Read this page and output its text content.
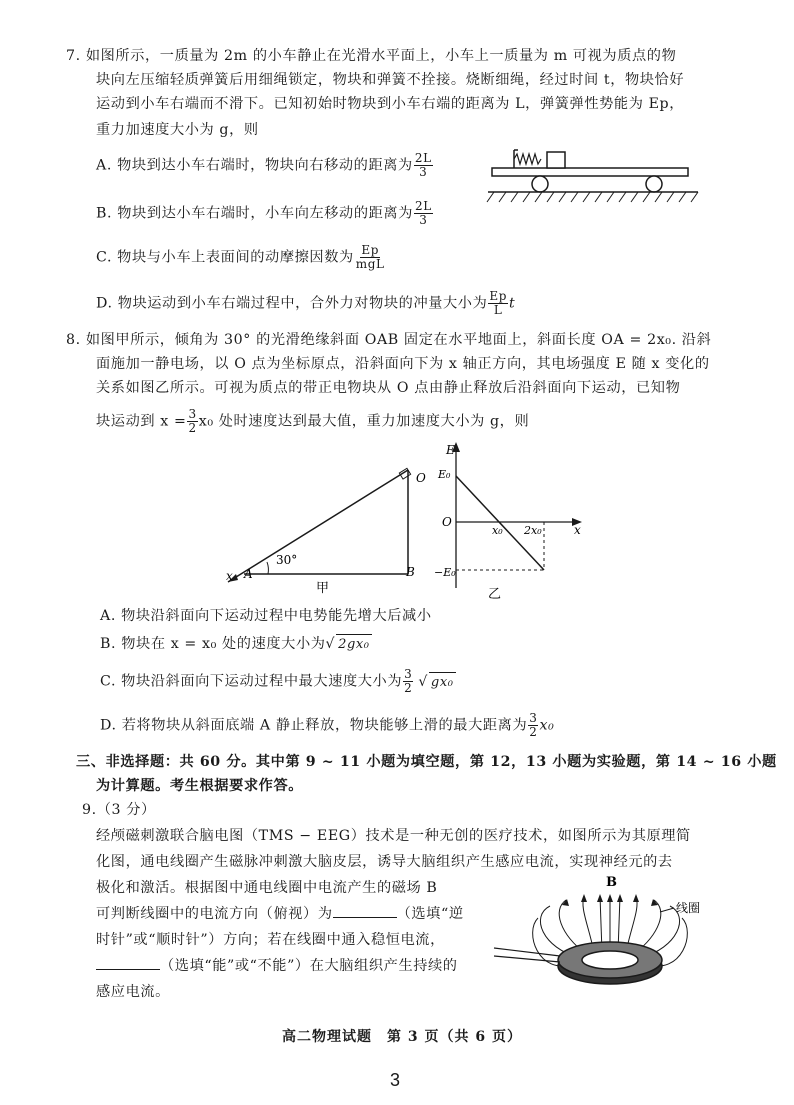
7. 如图所示，一质量为 2m 的小车静止在光滑水平面上，小车上一质量为 m 可视为质点的物
块向左压缩轻质弹簧后用细绳锁定，物块和弹簧不拴接。烧断细绳，经过时间 t，物块恰好
运动到小车右端而不滑下。已知初始时物块到小车右端的距离为 L，弹簧弹性势能为 Ep，
重力加速度大小为 g，则
A. 物块到达小车右端时，物块向右移动的距离为 $\frac{2L}{3}$
B. 物块到达小车右端时，小车向左移动的距离为 $\frac{2L}{3}$
C. 物块与小车上表面间的动摩擦因数为 $\frac{Ep}{\text{mgL}}$
D. 物块运动到小车右端过程中，合外力对物块的冲量大小为 $\frac{Ep}{L}$ t
8. 如图甲所示，倾角为 30° 的光滑绝缘斜面 OAB 固定在水平地面上，斜面长度 OA = 2x₀. 沿斜
面施加一静电场，以 O 点为坐标原点，沿斜面向下为 x 轴正方向，其电场强度 E 随 x 变化的
关系如图乙所示。可视为质点的带正电物块从 O 点由静止释放后沿斜面向下运动，已知物
块运动到 $x = \frac{3}{2} x_0$ 处时速度达到最大值，重力加速度大小为 g，则
30°
O
A	B
x
甲
E
E₀
−E₀
O
x₀ 2x₀	x
乙
A. 物块沿斜面向下运动过程中电势能先增大后减小
B. 物块在 x = x₀ 处的速度大小为√ 2gx₀
C. 物块沿斜面向下运动过程中最大速度大小为 $\frac{3}{2}$ √ gx₀
D. 若将物块从斜面底端 A 静止释放，物块能够上滑的最大距离为 $\frac{3}{2} x_0$
三、非选择题：共 60 分。其中第 9 ~ 11 小题为填空题，第 12，13 小题为实验题，第 14 ~ 16 小题
为计算题。考生根据要求作答。
9.（3 分）
经颅磁刺激联合脑电图（TMS − EEG）技术是一种无创的医疗技术，如图所示为其原理简
化图，通电线圈产生磁脉冲刺激大脑皮层，诱导大脑组织产生感应电流，实现神经元的去
极化和激活。根据图中通电线圈中电流产生的磁场 B
可判断线圈中的电流方向（俯视）为	（选填“逆
时针”或“顺时针”）方向；若在线圈中通入稳恒电流，
（选填“能”或“不能”）在大脑组织产生持续的
感应电流。
B
线圈
高二物理试题　第 3 页（共 6 页）
3
